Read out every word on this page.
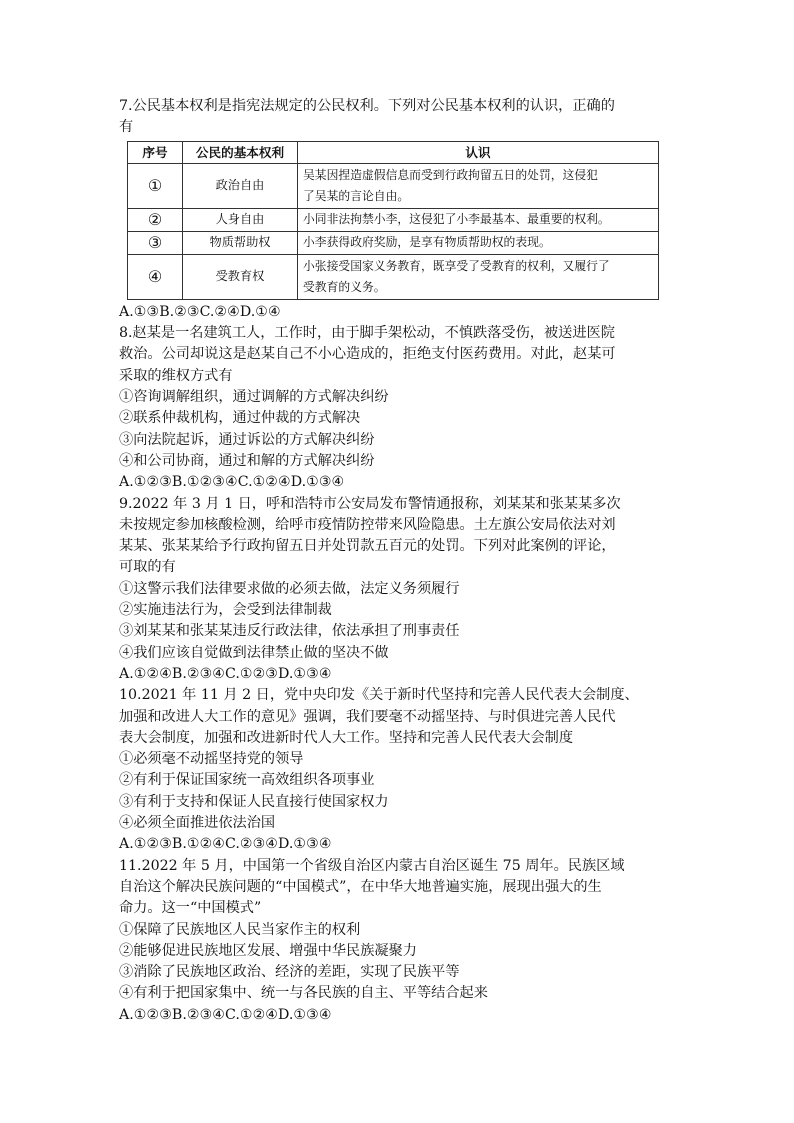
7.公民基本权利是指宪法规定的公民权利。下列对公民基本权利的认识，正确的
有
序号	公民的基本权利	认识
①	政治自由	吴某因捏造虚假信息而受到行政拘留五日的处罚，这侵犯
了吴某的言论自由。

②	人身自由	小同非法拘禁小李，这侵犯了小李最基本、最重要的权利。

③	物质帮助权	小李获得政府奖励，是享有物质帮助权的表现。

④	受教育权	小张接受国家义务教育，既享受了受教育的权利，又履行了
受教育的义务。
A.①③B.②③C.②④D.①④
8.赵某是一名建筑工人，工作时，由于脚手架松动，不慎跌落受伤，被送进医院
救治。公司却说这是赵某自己不小心造成的，拒绝支付医药费用。对此，赵某可
采取的维权方式有
①咨询调解组织，通过调解的方式解决纠纷
②联系仲裁机构，通过仲裁的方式解决
③向法院起诉，通过诉讼的方式解决纠纷
④和公司协商，通过和解的方式解决纠纷
A.①②③B.①②③④C.①②④D.①③④
9.2022 年 3 月 1 日，呼和浩特市公安局发布警情通报称，刘某某和张某某多次
未按规定参加核酸检测，给呼市疫情防控带来风险隐患。土左旗公安局依法对刘
某某、张某某给予行政拘留五日并处罚款五百元的处罚。下列对此案例的评论，
可取的有
①这警示我们法律要求做的必须去做，法定义务须履行
②实施违法行为，会受到法律制裁
③刘某某和张某某违反行政法律，依法承担了刑事责任
④我们应该自觉做到法律禁止做的坚决不做
A.①②④B.②③④C.①②③D.①③④
10.2021 年 11 月 2 日，党中央印发《关于新时代坚持和完善人民代表大会制度、
加强和改进人大工作的意见》强调，我们要毫不动摇坚持、与时俱进完善人民代
表大会制度，加强和改进新时代人大工作。坚持和完善人民代表大会制度
①必须毫不动摇坚持党的领导
②有利于保证国家统一高效组织各项事业
③有利于支持和保证人民直接行使国家权力
④必须全面推进依法治国
A.①②③B.①②④C.②③④D.①③④
11.2022 年 5 月，中国第一个省级自治区内蒙古自治区诞生 75 周年。民族区域
自治这个解决民族问题的“中国模式”，在中华大地普遍实施，展现出强大的生
命力。这一“中国模式”
①保障了民族地区人民当家作主的权利
②能够促进民族地区发展、增强中华民族凝聚力
③消除了民族地区政治、经济的差距，实现了民族平等
④有利于把国家集中、统一与各民族的自主、平等结合起来
A.①②③B.②③④C.①②④D.①③④
